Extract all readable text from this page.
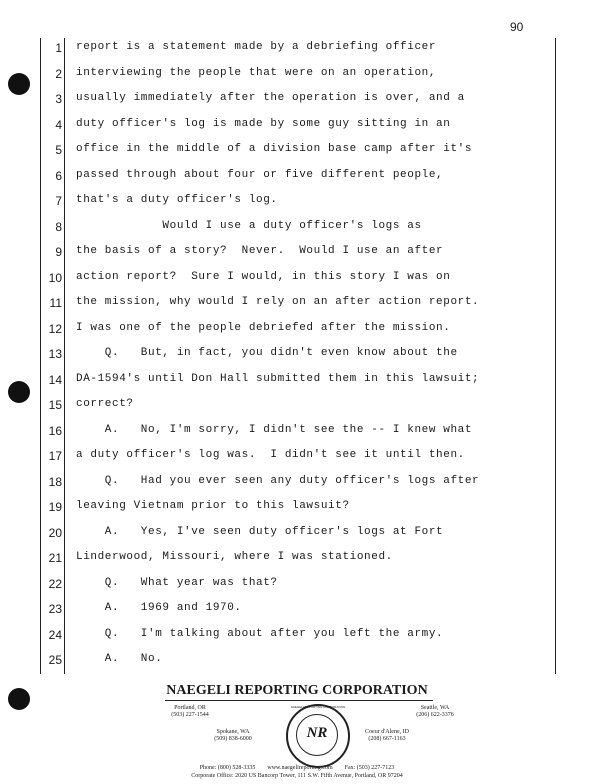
90
1 report is a statement made by a debriefing officer
2 interviewing the people that were on an operation,
3 usually immediately after the operation is over, and a
4 duty officer's log is made by some guy sitting in an
5 office in the middle of a division base camp after it's
6 passed through about four or five different people,
7 that's a duty officer's log.
8 Would I use a duty officer's logs as
9 the basis of a story?  Never.  Would I use an after
10 action report?  Sure I would, in this story I was on
11 the mission, why would I rely on an after action report.
12 I was one of the people debriefed after the mission.
13 Q.   But, in fact, you didn't even know about the
14 DA-1594's until Don Hall submitted them in this lawsuit;
15 correct?
16 A.   No, I'm sorry, I didn't see the -- I knew what
17 a duty officer's log was.  I didn't see it until then.
18 Q.   Had you ever seen any duty officer's logs after
19 leaving Vietnam prior to this lawsuit?
20 A.   Yes, I've seen duty officer's logs at Fort
21 Linderwood, Missouri, where I was stationed.
22 Q.   What year was that?
23 A.   1969 and 1970.
24 Q.   I'm talking about after you left the army.
25 A.   No.
NAEGELI REPORTING CORPORATION
Portland, OR
(503) 227-1544
Seattle, WA
(206) 622-3376
Spokane, WA
(509) 838-6000
Coeur d'Alene, ID
(208) 667-1163
NAEGELI REPORTING CORPORATION
NR
Phone: (800) 528-3335        www.naegelireporting.com        Fax: (503) 227-7123
Corporate Office: 2020 US Bancorp Tower, 111 S.W. Fifth Avenue, Portland, OR 97204
